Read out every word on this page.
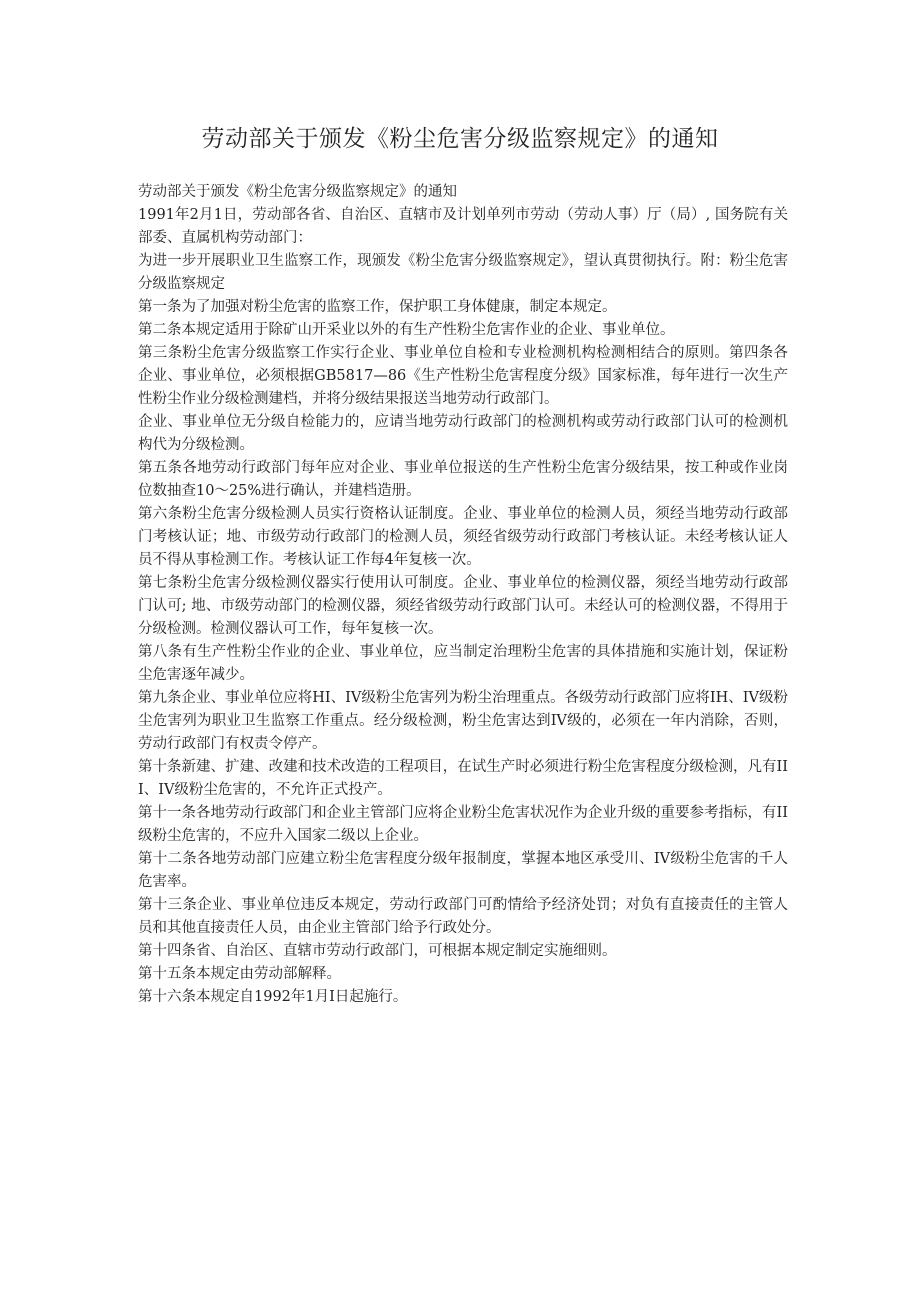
劳动部关于颁发《粉尘危害分级监察规定》的通知

劳动部关于颁发《粉尘危害分级监察规定》的通知

1991年2月1日，劳动部各省、自治区、直辖市及计划单列市劳动（劳动人事）厅（局）, 国务院有关部委、直属机构劳动部门：

为进一步开展职业卫生监察工作，现颁发《粉尘危害分级监察规定》，望认真贯彻执行。附：粉尘危害分级监察规定

第一条为了加强对粉尘危害的监察工作，保护职工身体健康，制定本规定。

第二条本规定适用于除矿山开采业以外的有生产性粉尘危害作业的企业、事业单位。

第三条粉尘危害分级监察工作实行企业、事业单位自检和专业检测机构检测相结合的原则。第四条各企业、事业单位，必须根据GB5817—86《生产性粉尘危害程度分级》国家标准，每年进行一次生产性粉尘作业分级检测建档，并将分级结果报送当地劳动行政部门。

企业、事业单位无分级自检能力的，应请当地劳动行政部门的检测机构或劳动行政部门认可的检测机构代为分级检测。

第五条各地劳动行政部门每年应对企业、事业单位报送的生产性粉尘危害分级结果，按工种或作业岗位数抽查10～25%进行确认，并建档造册。

第六条粉尘危害分级检测人员实行资格认证制度。企业、事业单位的检测人员，须经当地劳动行政部门考核认证；地、市级劳动行政部门的检测人员，须经省级劳动行政部门考核认证。未经考核认证人员不得从事检测工作。考核认证工作每4年复核一次。

第七条粉尘危害分级检测仪器实行使用认可制度。企业、事业单位的检测仪器，须经当地劳动行政部门认可; 地、市级劳动部门的检测仪器，须经省级劳动行政部门认可。未经认可的检测仪器，不得用于分级检测。检测仪器认可工作，每年复核一次。

第八条有生产性粉尘作业的企业、事业单位，应当制定治理粉尘危害的具体措施和实施计划，保证粉尘危害逐年减少。

第九条企业、事业单位应将HI、IV级粉尘危害列为粉尘治理重点。各级劳动行政部门应将IH、IV级粉尘危害列为职业卫生监察工作重点。经分级检测，粉尘危害达到IV级的，必须在一年内消除，否则，劳动行政部门有权责令停产。

第十条新建、扩建、改建和技术改造的工程项目，在试生产时必须进行粉尘危害程度分级检测，凡有III、IV级粉尘危害的，不允许正式投产。

第十一条各地劳动行政部门和企业主管部门应将企业粉尘危害状况作为企业升级的重要参考指标，有II级粉尘危害的，不应升入国家二级以上企业。

第十二条各地劳动部门应建立粉尘危害程度分级年报制度，掌握本地区承受川、IV级粉尘危害的千人危害率。

第十三条企业、事业单位违反本规定，劳动行政部门可酌情给予经济处罚；对负有直接责任的主管人员和其他直接责任人员，由企业主管部门给予行政处分。

第十四条省、自治区、直辖市劳动行政部门，可根据本规定制定实施细则。

第十五条本规定由劳动部解释。

第十六条本规定自1992年1月I日起施行。
